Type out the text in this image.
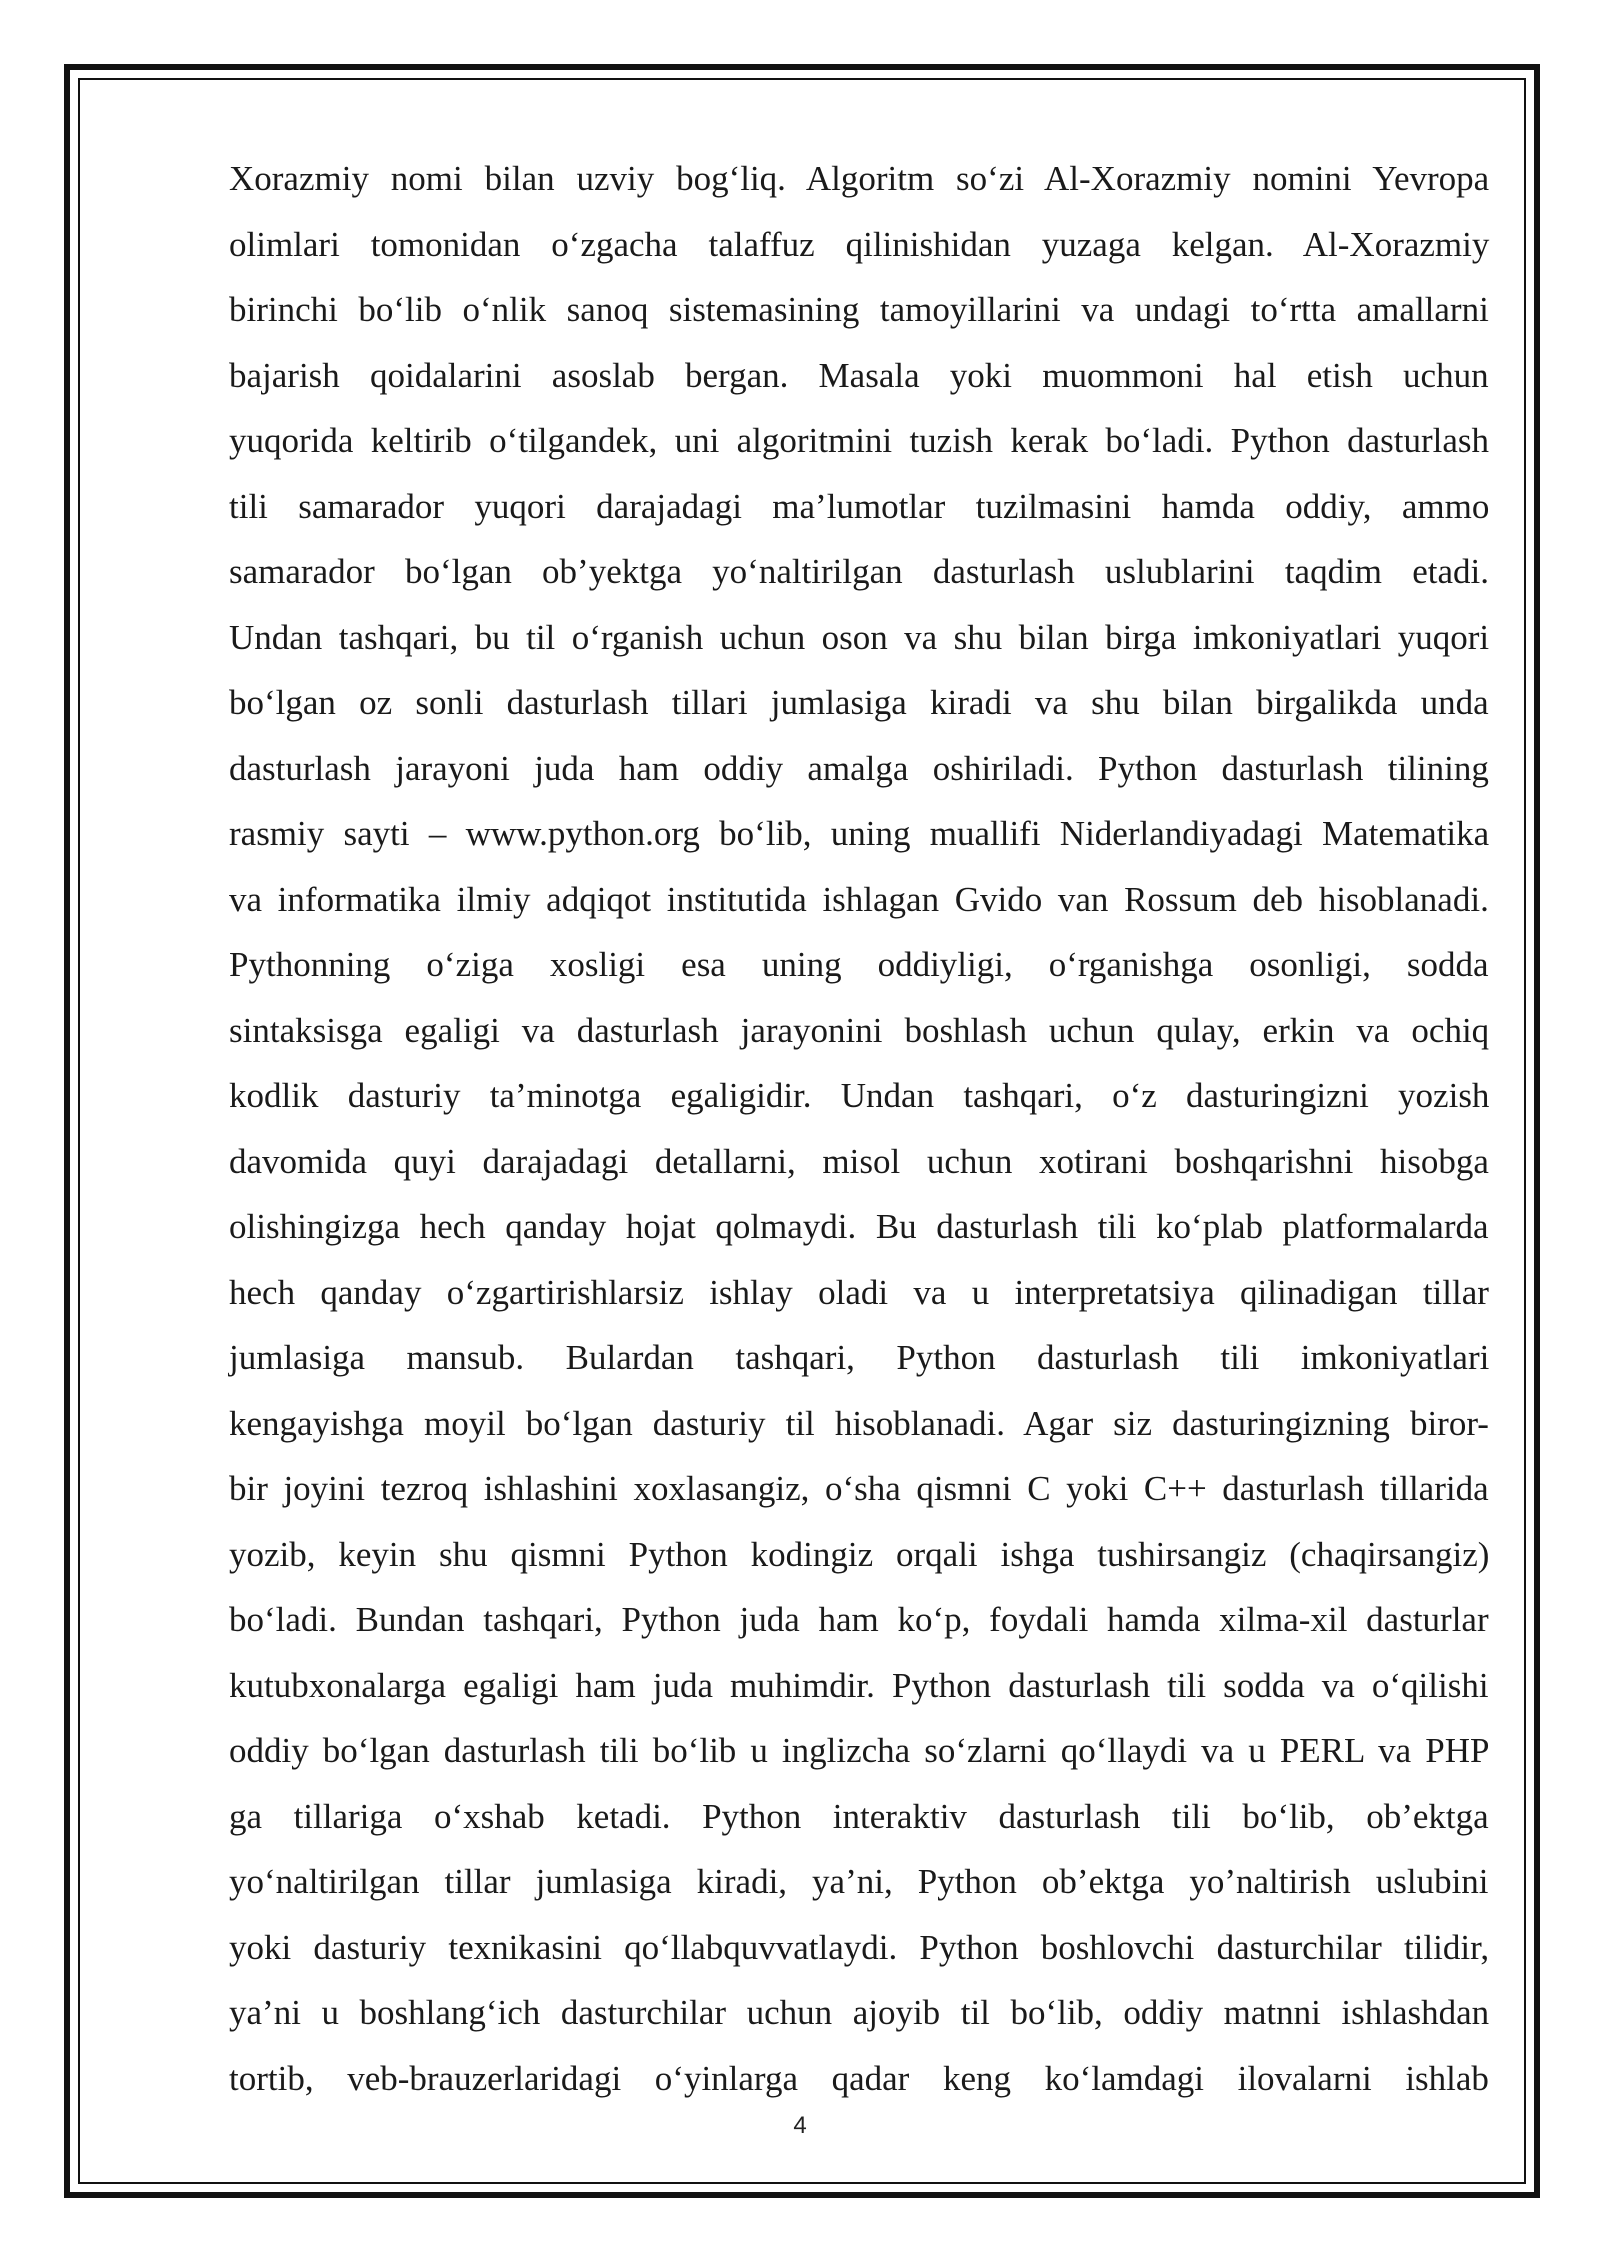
Xorazmiy nomi bilan uzviy bog‘liq. Algoritm so‘zi Al-Xorazmiy nomini Yevropa
olimlari tomonidan o‘zgacha talaffuz qilinishidan yuzaga kelgan. Al-Xorazmiy
birinchi bo‘lib o‘nlik sanoq sistemasining tamoyillarini va undagi to‘rtta amallarni
bajarish qoidalarini asoslab bergan. Masala yoki muommoni hal etish uchun
yuqorida keltirib o‘tilgandek, uni algoritmini tuzish kerak bo‘ladi. Python dasturlash
tili samarador yuqori darajadagi ma’lumotlar tuzilmasini hamda oddiy, ammo
samarador bo‘lgan ob’yektga yo‘naltirilgan dasturlash uslublarini taqdim etadi.
Undan tashqari, bu til o‘rganish uchun oson va shu bilan birga imkoniyatlari yuqori
bo‘lgan oz sonli dasturlash tillari jumlasiga kiradi va shu bilan birgalikda unda
dasturlash jarayoni juda ham oddiy amalga oshiriladi. Python dasturlash tilining
rasmiy sayti – www.python.org bo‘lib, uning muallifi Niderlandiyadagi Matematika
va informatika ilmiy adqiqot institutida ishlagan Gvido van Rossum deb hisoblanadi.
Pythonning o‘ziga xosligi esa uning oddiyligi, o‘rganishga osonligi, sodda
sintaksisga egaligi va dasturlash jarayonini boshlash uchun qulay, erkin va ochiq
kodlik dasturiy ta’minotga egaligidir. Undan tashqari, o‘z dasturingizni yozish
davomida quyi darajadagi detallarni, misol uchun xotirani boshqarishni hisobga
olishingizga hech qanday hojat qolmaydi. Bu dasturlash tili ko‘plab platformalarda
hech qanday o‘zgartirishlarsiz ishlay oladi va u interpretatsiya qilinadigan tillar
jumlasiga mansub. Bulardan tashqari, Python dasturlash tili imkoniyatlari
kengayishga moyil bo‘lgan dasturiy til hisoblanadi. Agar siz dasturingizning biror-
bir joyini tezroq ishlashini xoxlasangiz, o‘sha qismni C yoki C++ dasturlash tillarida
yozib, keyin shu qismni Python kodingiz orqali ishga tushirsangiz (chaqirsangiz)
bo‘ladi. Bundan tashqari, Python juda ham ko‘p, foydali hamda xilma-xil dasturlar
kutubxonalarga egaligi ham juda muhimdir. Python dasturlash tili sodda va o‘qilishi
oddiy bo‘lgan dasturlash tili bo‘lib u inglizcha so‘zlarni qo‘llaydi va u PERL va PHP
ga tillariga o‘xshab ketadi. Python interaktiv dasturlash tili bo‘lib, ob’ektga
yo‘naltirilgan tillar jumlasiga kiradi, ya’ni, Python ob’ektga yo’naltirish uslubini
yoki dasturiy texnikasini qo‘llabquvvatlaydi. Python boshlovchi dasturchilar tilidir,
ya’ni u boshlang‘ich dasturchilar uchun ajoyib til bo‘lib, oddiy matnni ishlashdan
tortib, veb-brauzerlaridagi o‘yinlarga qadar keng ko‘lamdagi ilovalarni ishlab
4
